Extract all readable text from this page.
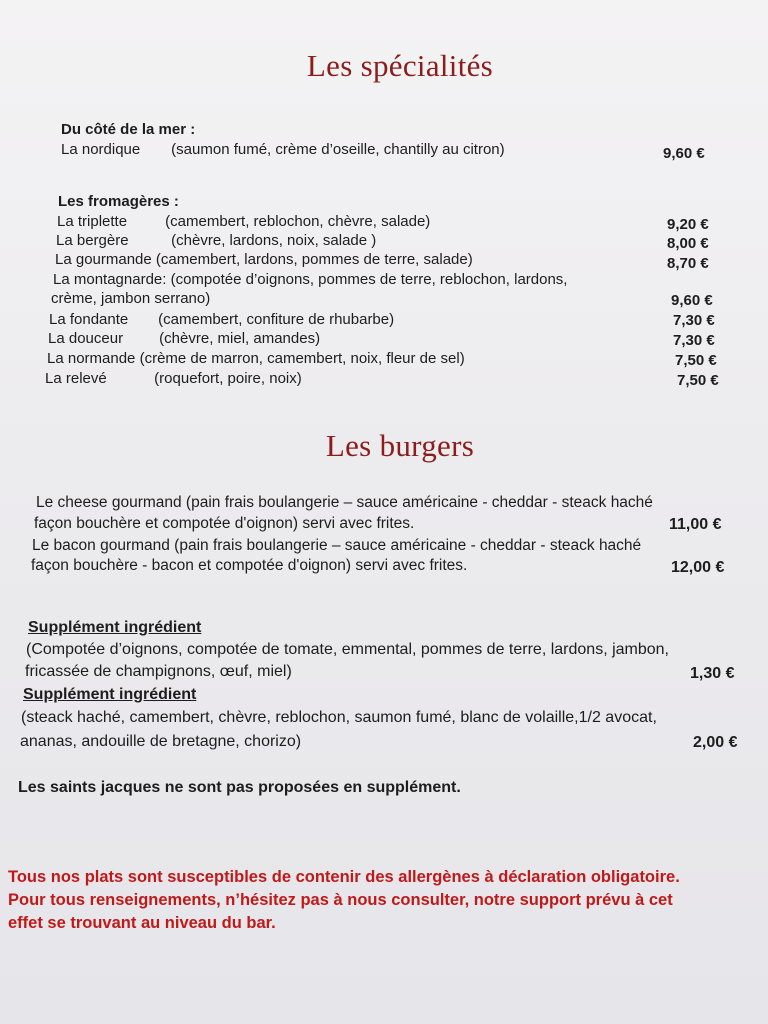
Les spécialités
Du côté de la mer :
La nordique (saumon fumé, crème d’oseille, chantilly au citron)	9,60 €
Les fromagères :
La triplette	(camembert, reblochon, chèvre, salade)	9,20 €
La bergère	(chèvre, lardons, noix, salade )	8,00 €
La gourmande (camembert, lardons, pommes de terre, salade)	8,70 €
La montagnarde: (compotée d’oignons, pommes de terre, reblochon, lardons,
crème, jambon serrano)	9,60 €
La fondante (camembert, confiture de rhubarbe)	7,30 €
La douceur (chèvre, miel, amandes)	7,30 €
La normande (crème de marron, camembert, noix, fleur de sel)	7,50 €
La relevé	(roquefort, poire, noix)	7,50 €
Les burgers
Le cheese gourmand (pain frais boulangerie – sauce américaine - cheddar - steack haché
façon bouchère et compotée d'oignon) servi avec frites.	11,00 €
Le bacon gourmand (pain frais boulangerie – sauce américaine - cheddar - steack haché
façon bouchère - bacon et compotée d'oignon) servi avec frites.	12,00 €
Supplément ingrédient
(Compotée d’oignons, compotée de tomate, emmental, pommes de terre, lardons, jambon,
fricassée de champignons, œuf, miel)	1,30 €
Supplément ingrédient
(steack haché, camembert, chèvre, reblochon, saumon fumé, blanc de volaille,1/2 avocat,
ananas, andouille de bretagne, chorizo)	2,00 €
Les saints jacques ne sont pas proposées en supplément.
Tous nos plats sont susceptibles de contenir des allergènes à déclaration obligatoire.
Pour tous renseignements, n’hésitez pas à nous consulter, notre support prévu à cet
effet se trouvant au niveau du bar.
